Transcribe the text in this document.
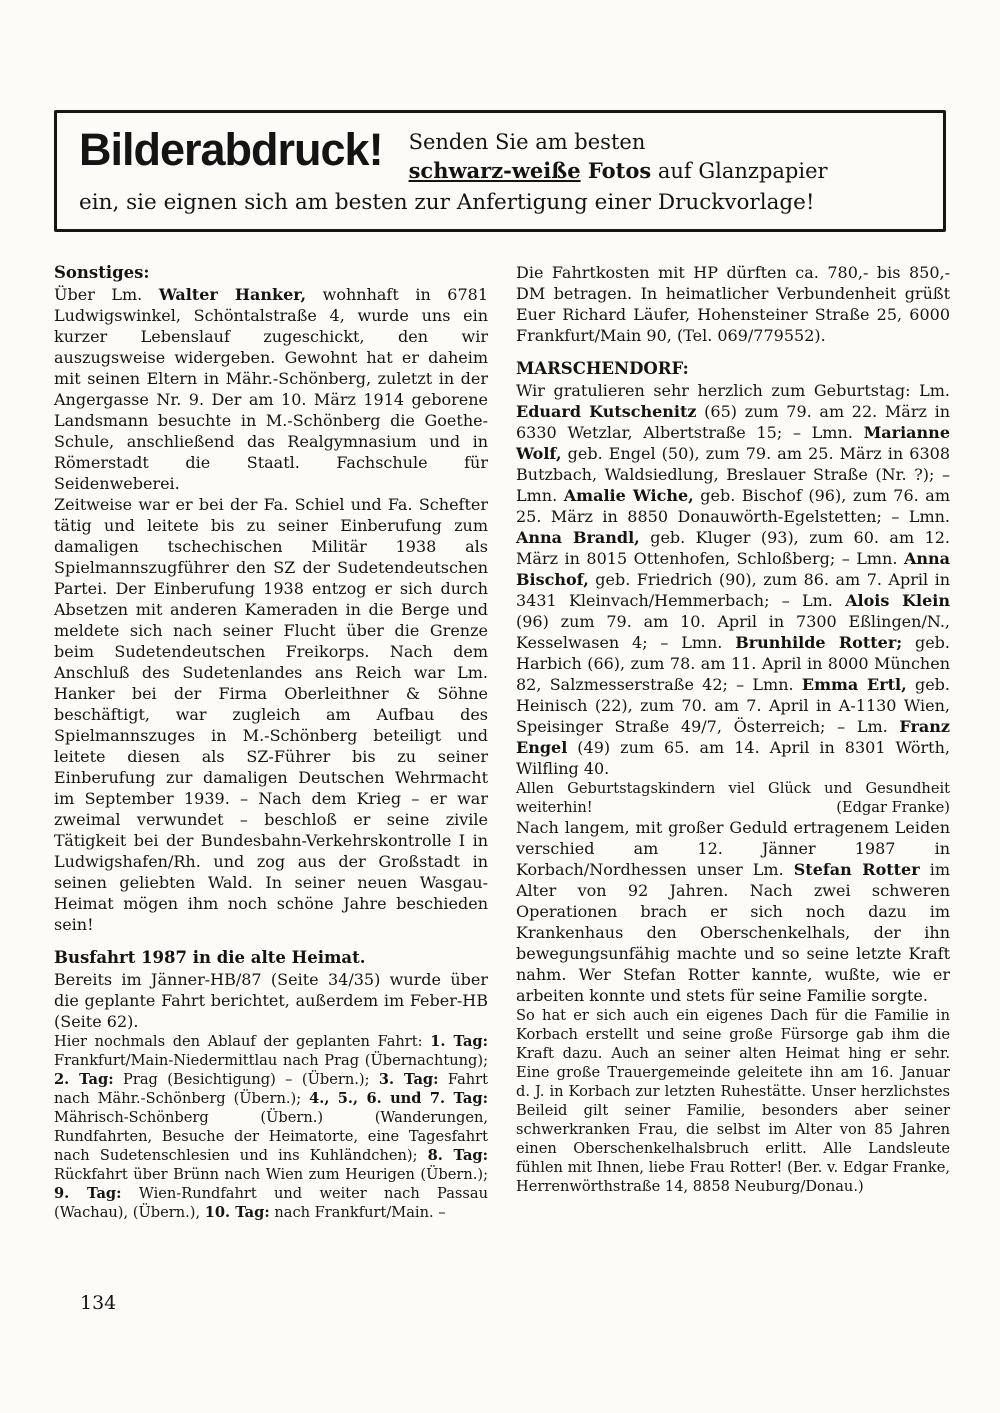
Bilderabdruck!	Senden Sie am besten
schwarz-weiße Fotos auf Glanzpapier
ein, sie eignen sich am besten zur Anfertigung einer Druckvorlage!
Sonstiges:

Über Lm. Walter Hanker, wohnhaft in 6781 Ludwigswinkel, Schöntalstraße 4, wurde uns ein kurzer Lebenslauf zugeschickt, den wir auszugsweise widergeben. Gewohnt hat er daheim mit seinen Eltern in Mähr.-Schönberg, zuletzt in der Angergasse Nr. 9. Der am 10. März 1914 geborene Landsmann besuchte in M.-Schönberg die Goethe-Schule, anschließend das Realgymnasium und in Römerstadt die Staatl. Fachschule für Seidenweberei.

Zeitweise war er bei der Fa. Schiel und Fa. Schefter tätig und leitete bis zu seiner Einberufung zum damaligen tschechischen Militär 1938 als Spielmannszugführer den SZ der Sudetendeutschen Partei. Der Einberufung 1938 entzog er sich durch Absetzen mit anderen Kameraden in die Berge und meldete sich nach seiner Flucht über die Grenze beim Sudetendeutschen Freikorps. Nach dem Anschluß des Sudetenlandes ans Reich war Lm. Hanker bei der Firma Oberleithner & Söhne beschäftigt, war zugleich am Aufbau des Spielmannszuges in M.-Schönberg beteiligt und leitete diesen als SZ-Führer bis zu seiner Einberufung zur damaligen Deutschen Wehrmacht im September 1939. – Nach dem Krieg – er war zweimal verwundet – beschloß er seine zivile Tätigkeit bei der Bundesbahn-Verkehrskontrolle I in Ludwigshafen/Rh. und zog aus der Großstadt in seinen geliebten Wald. In seiner neuen Wasgau-Heimat mögen ihm noch schöne Jahre beschieden sein!

Busfahrt 1987 in die alte Heimat.

Bereits im Jänner-HB/87 (Seite 34/35) wurde über die geplante Fahrt berichtet, außerdem im Feber-HB (Seite 62).

Hier nochmals den Ablauf der geplanten Fahrt: 1. Tag: Frankfurt/Main-Niedermittlau nach Prag (Übernachtung); 2. Tag: Prag (Besichtigung) – (Übern.); 3. Tag: Fahrt nach Mähr.-Schönberg (Übern.); 4., 5., 6. und 7. Tag: Mährisch-Schönberg (Übern.) (Wanderungen, Rundfahrten, Besuche der Heimatorte, eine Tagesfahrt nach Sudetenschlesien und ins Kuhländchen); 8. Tag: Rückfahrt über Brünn nach Wien zum Heurigen (Übern.); 9. Tag: Wien-Rundfahrt und weiter nach Passau (Wachau), (Übern.), 10. Tag: nach Frankfurt/Main. –

Die Fahrtkosten mit HP dürften ca. 780,- bis 850,- DM betragen. In heimatlicher Verbundenheit grüßt Euer Richard Läufer, Hohensteiner Straße 25, 6000 Frankfurt/Main 90, (Tel. 069/779552).

MARSCHENDORF:

Wir gratulieren sehr herzlich zum Geburtstag: Lm. Eduard Kutschenitz (65) zum 79. am 22. März in 6330 Wetzlar, Albertstraße 15; – Lmn. Marianne Wolf, geb. Engel (50), zum 79. am 25. März in 6308 Butzbach, Waldsiedlung, Breslauer Straße (Nr. ?); – Lmn. Amalie Wiche, geb. Bischof (96), zum 76. am 25. März in 8850 Donauwörth-Egelstetten; – Lmn. Anna Brandl, geb. Kluger (93), zum 60. am 12. März in 8015 Ottenhofen, Schloßberg; – Lmn. Anna Bischof, geb. Friedrich (90), zum 86. am 7. April in 3431 Kleinvach/Hemmerbach; – Lm. Alois Klein (96) zum 79. am 10. April in 7300 Eßlingen/N., Kesselwasen 4; – Lmn. Brunhilde Rotter; geb. Harbich (66), zum 78. am 11. April in 8000 München 82, Salzmesserstraße 42; – Lmn. Emma Ertl, geb. Heinisch (22), zum 70. am 7. April in A-1130 Wien, Speisinger Straße 49/7, Österreich; – Lm. Franz Engel (49) zum 65. am 14. April in 8301 Wörth, Wilfling 40.

Allen Geburtstagskindern viel Glück und Gesundheit weiterhin!	(Edgar Franke)

Nach langem, mit großer Geduld ertragenem Leiden verschied am 12. Jänner 1987 in Korbach/Nordhessen unser Lm. Stefan Rotter im Alter von 92 Jahren. Nach zwei schweren Operationen brach er sich noch dazu im Krankenhaus den Oberschenkelhals, der ihn bewegungsunfähig machte und so seine letzte Kraft nahm. Wer Stefan Rotter kannte, wußte, wie er arbeiten konnte und stets für seine Familie sorgte.

So hat er sich auch ein eigenes Dach für die Familie in Korbach erstellt und seine große Fürsorge gab ihm die Kraft dazu. Auch an seiner alten Heimat hing er sehr. Eine große Trauergemeinde geleitete ihn am 16. Januar d. J. in Korbach zur letzten Ruhestätte. Unser herzlichstes Beileid gilt seiner Familie, besonders aber seiner schwerkranken Frau, die selbst im Alter von 85 Jahren einen Oberschenkelhalsbruch erlitt. Alle Landsleute fühlen mit Ihnen, liebe Frau Rotter! (Ber. v. Edgar Franke, Herrenwörthstraße 14, 8858 Neuburg/Donau.)

134
